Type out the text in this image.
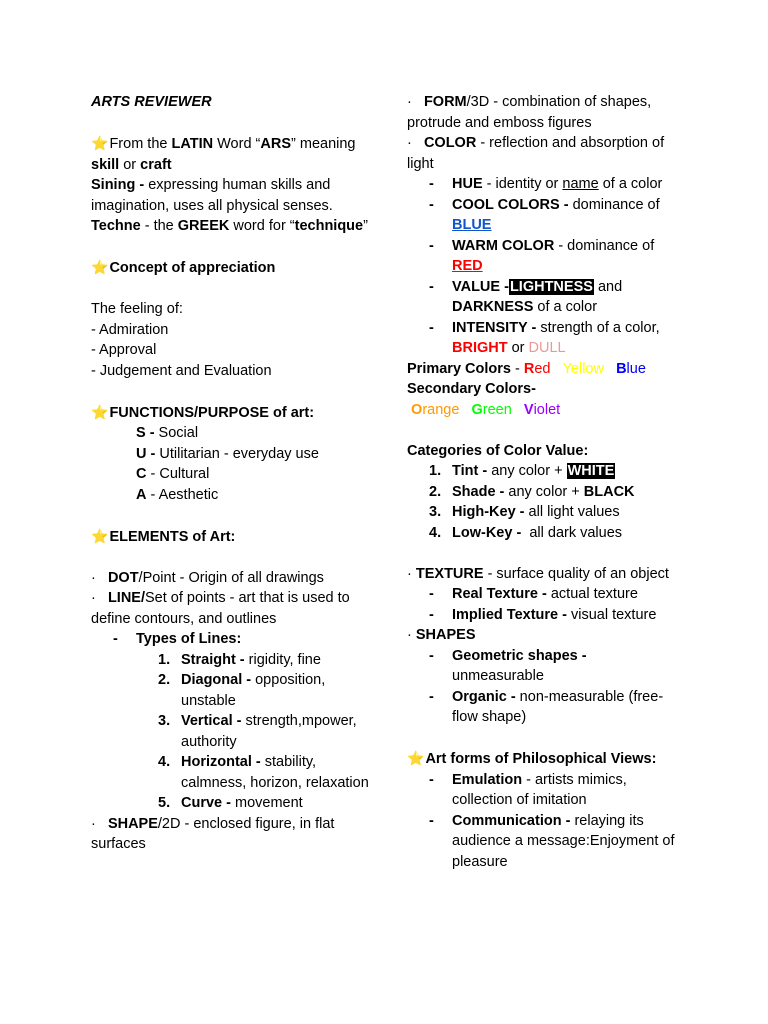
ARTS REVIEWER
⭐From the LATIN Word “ARS” meaning skill or craft
Sining - expressing human skills and imagination, uses all physical senses.
Techne - the GREEK word for “technique”
⭐Concept of appreciation
The feeling of:
- Admiration
- Approval
- Judgement and Evaluation
⭐FUNCTIONS/PURPOSE of art:
S - Social
U - Utilitarian - everyday use
C - Cultural
A - Aesthetic
⭐ELEMENTS of Art:
· DOT/Point - Origin of all drawings
· LINE/Set of points - art that is used to define contours, and outlines
- Types of Lines:
1. Straight - rigidity, fine
2. Diagonal - opposition, unstable
3. Vertical - strength,mpower, authority
4. Horizontal - stability, calmness, horizon, relaxation
5. Curve - movement
· SHAPE/2D - enclosed figure, in flat surfaces
· FORM/3D - combination of shapes, protrude and emboss figures
· COLOR - reflection and absorption of light
- HUE - identity or name of a color
- COOL COLORS - dominance of BLUE
- WARM COLOR - dominance of RED
- VALUE -LIGHTNESS and DARKNESS of a color
- INTENSITY - strength of a color, BRIGHT or DULL
Primary Colors - Red Yellow Blue
Secondary Colors- Orange Green Violet
Categories of Color Value:
1. Tint - any color + WHITE
2. Shade - any color + BLACK
3. High-Key - all light values
4. Low-Key -  all dark values
· TEXTURE - surface quality of an object
- Real Texture - actual texture
- Implied Texture - visual texture
· SHAPES
- Geometric shapes -
unmeasurable
- Organic - non-measurable (free-flow shape)
⭐Art forms of Philosophical Views:
- Emulation - artists mimics, collection of imitation
- Communication - relaying its audience a message:Enjoyment of pleasure
